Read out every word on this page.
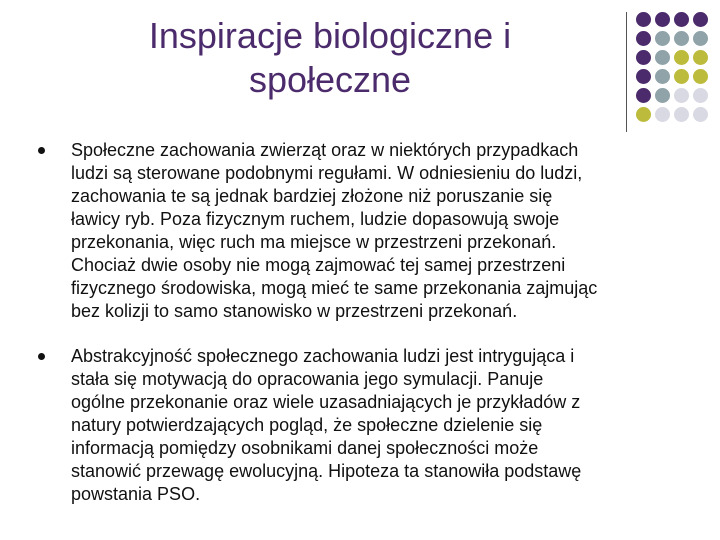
Inspiracje biologiczne i
społeczne
Społeczne zachowania zwierząt oraz w niektórych przypadkach
ludzi są sterowane podobnymi regułami. W odniesieniu do ludzi,
zachowania te są jednak bardziej złożone niż poruszanie się
ławicy ryb. Poza fizycznym ruchem, ludzie dopasowują swoje
przekonania, więc ruch ma miejsce w przestrzeni przekonań.
Chociaż dwie osoby nie mogą zajmować tej samej przestrzeni
fizycznego środowiska, mogą mieć te same przekonania zajmując
bez kolizji to samo stanowisko w przestrzeni przekonań.
Abstrakcyjność społecznego zachowania ludzi jest intrygująca i
stała się motywacją do opracowania jego symulacji. Panuje
ogólne przekonanie oraz wiele uzasadniających je przykładów z
natury potwierdzających pogląd, że społeczne dzielenie się
informacją pomiędzy osobnikami danej społeczności może
stanowić przewagę ewolucyjną. Hipoteza ta stanowiła podstawę
powstania PSO.
